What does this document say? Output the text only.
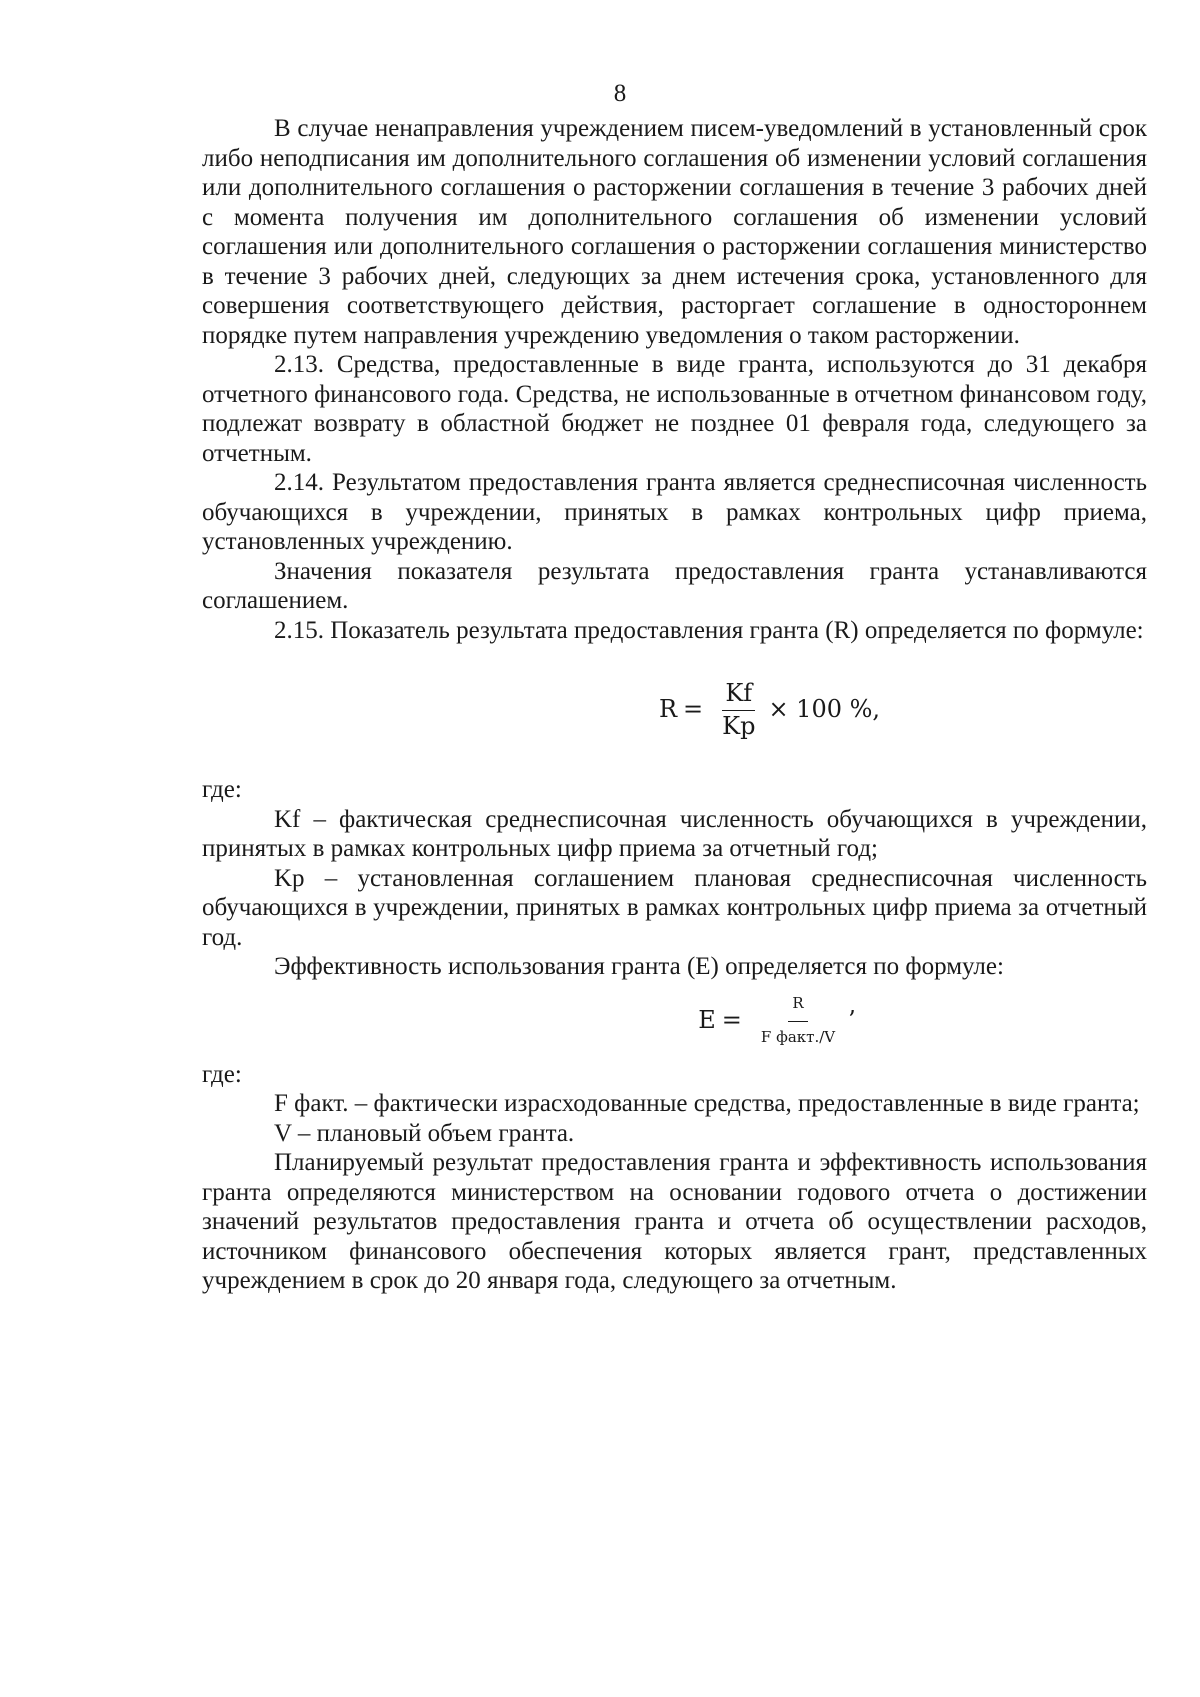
8

В случае ненаправления учреждением писем-уведомлений в установленный срок либо неподписания им дополнительного соглашения об изменении условий соглашения или дополнительного соглашения о расторжении соглашения в течение 3 рабочих дней с момента получения им дополнительного соглашения об изменении условий соглашения или дополнительного соглашения о расторжении соглашения министерство в течение 3 рабочих дней, следующих за днем истечения срока, установленного для совершения соответствующего действия, расторгает соглашение в одностороннем порядке путем направления учреждению уведомления о таком расторжении.

2.13. Средства, предоставленные в виде гранта, используются до 31 декабря отчетного финансового года. Средства, не использованные в отчетном финансовом году, подлежат возврату в областной бюджет не позднее 01 февраля года, следующего за отчетным.

2.14. Результатом предоставления гранта является среднесписочная численность обучающихся в учреждении, принятых в рамках контрольных цифр приема, установленных учреждению.

Значения показателя результата предоставления гранта устанавливаются соглашением.

2.15. Показатель результата предоставления гранта (R) определяется по формуле:

$R = \frac{Kf}{Kp} \times 100$ %,

где:

Kf – фактическая среднесписочная численность обучающихся в учреждении, принятых в рамках контрольных цифр приема за отчетный год;

Kp – установленная соглашением плановая среднесписочная численность обучающихся в учреждении, принятых в рамках контрольных цифр приема за отчетный год.

Эффективность использования гранта (E) определяется по формуле:

$E = \frac{R}{\text{F факт./V}}$ ’

где:

F факт. – фактически израсходованные средства, предоставленные в виде гранта;

V – плановый объем гранта.

Планируемый результат предоставления гранта и эффективность использования гранта определяются министерством на основании годового отчета о достижении значений результатов предоставления гранта и отчета об осуществлении расходов, источником финансового обеспечения которых является грант, представленных учреждением в срок до 20 января года, следующего за отчетным.
